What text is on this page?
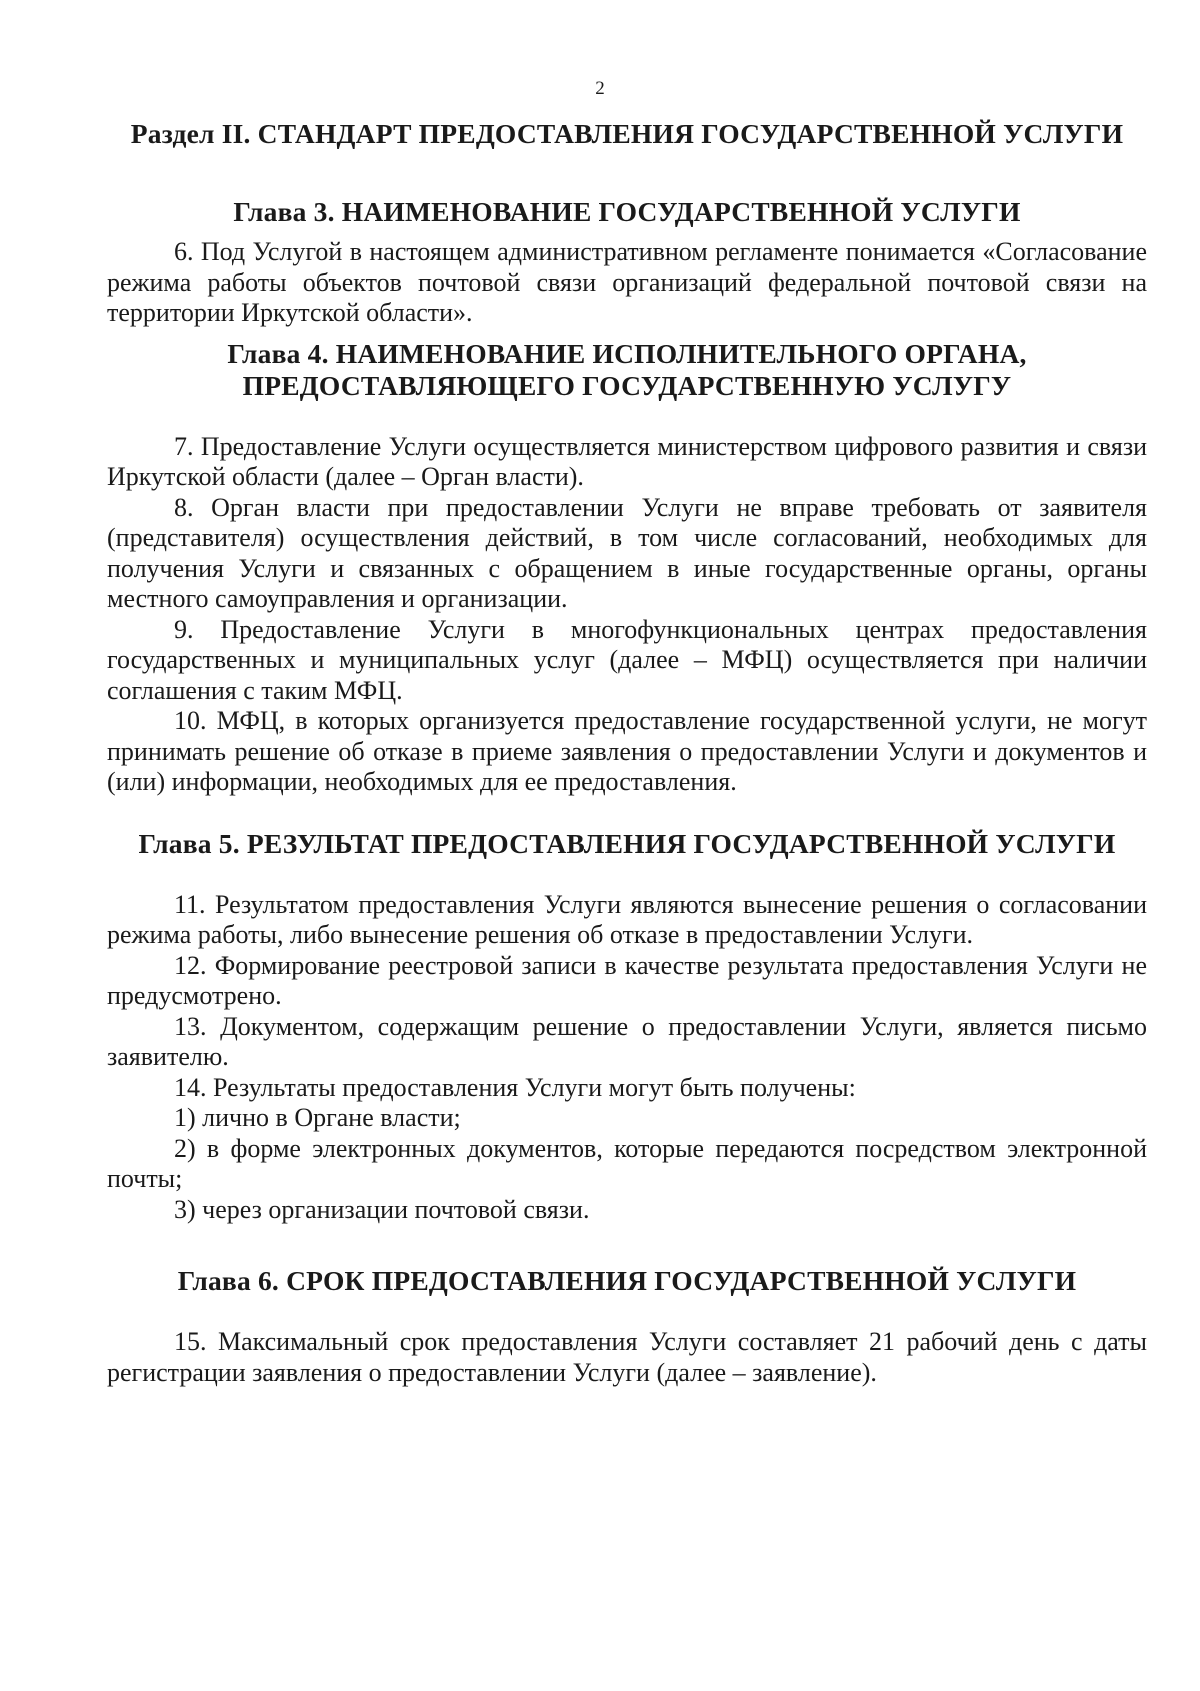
2
Раздел II. СТАНДАРТ ПРЕДОСТАВЛЕНИЯ ГОСУДАРСТВЕННОЙ УСЛУГИ
Глава 3. НАИМЕНОВАНИЕ ГОСУДАРСТВЕННОЙ УСЛУГИ

6. Под Услугой в настоящем административном регламенте понимается «Согласование режима работы объектов почтовой связи организаций федеральной почтовой связи на территории Иркутской области».

Глава 4. НАИМЕНОВАНИЕ ИСПОЛНИТЕЛЬНОГО ОРГАНА,
ПРЕДОСТАВЛЯЮЩЕГО ГОСУДАРСТВЕННУЮ УСЛУГУ

7. Предоставление Услуги осуществляется министерством цифрового развития и связи Иркутской области (далее – Орган власти).

8. Орган власти при предоставлении Услуги не вправе требовать от заявителя (представителя) осуществления действий, в том числе согласований, необходимых для получения Услуги и связанных с обращением в иные государственные органы, органы местного самоуправления и организации.

9. Предоставление Услуги в многофункциональных центрах предоставления государственных и муниципальных услуг (далее – МФЦ) осуществляется при наличии соглашения с таким МФЦ.

10. МФЦ, в которых организуется предоставление государственной услуги, не могут принимать решение об отказе в приеме заявления о предоставлении Услуги и документов и (или) информации, необходимых для ее предоставления.

Глава 5. РЕЗУЛЬТАТ ПРЕДОСТАВЛЕНИЯ ГОСУДАРСТВЕННОЙ УСЛУГИ

11. Результатом предоставления Услуги являются вынесение решения о согласовании режима работы, либо вынесение решения об отказе в предоставлении Услуги.

12. Формирование реестровой записи в качестве результата предоставления Услуги не предусмотрено.

13. Документом, содержащим решение о предоставлении Услуги, является письмо заявителю.

14. Результаты предоставления Услуги могут быть получены:

1) лично в Органе власти;

2) в форме электронных документов, которые передаются посредством электронной почты;

3) через организации почтовой связи.

Глава 6. СРОК ПРЕДОСТАВЛЕНИЯ ГОСУДАРСТВЕННОЙ УСЛУГИ

15. Максимальный срок предоставления Услуги составляет 21 рабочий день с даты регистрации заявления о предоставлении Услуги (далее – заявление).
